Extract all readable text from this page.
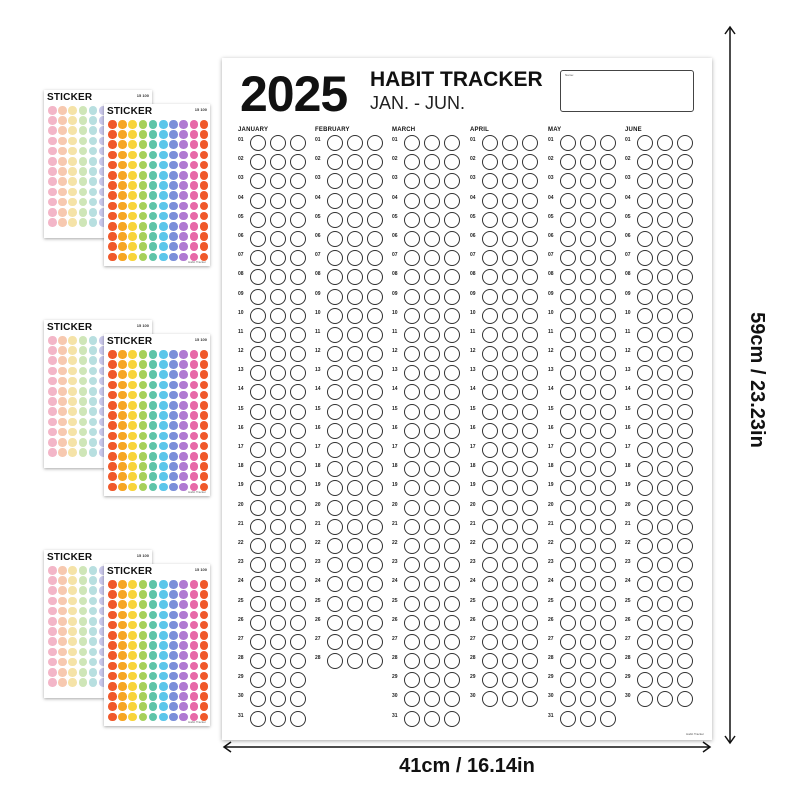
2025 HABIT TRACKER
JAN. - JUN.
Name:
JANUARY
01
02
03
04
05
06
07
08
09
10
11
12
13
14
15
16
17
18
19
20
21
22
23
24
25
26
27
28
29
30
31
FEBRUARY
01
02
03
04
05
06
07
08
09
10
11
12
13
14
15
16
17
18
19
20
21
22
23
24
25
26
27
28
MARCH
01
02
03
04
05
06
07
08
09
10
11
12
13
14
15
16
17
18
19
20
21
22
23
24
25
26
27
28
29
30
31
APRIL
01
02
03
04
05
06
07
08
09
10
11
12
13
14
15
16
17
18
19
20
21
22
23
24
25
26
27
28
29
30
MAY
01
02
03
04
05
06
07
08
09
10
11
12
13
14
15
16
17
18
19
20
21
22
23
24
25
26
27
28
29
30
31
JUNE
01
02
03
04
05
06
07
08
09
10
11
12
13
14
15
16
17
18
19
20
21
22
23
24
25
26
27
28
29
30
Habit Tracker
41cm / 16.14in
59cm / 23.23in
STICKER	15 100
STICKER	15 100
Habit Tracker
STICKER	15 100
STICKER	15 100
Habit Tracker
STICKER	15 100
STICKER	15 100
Habit Tracker
